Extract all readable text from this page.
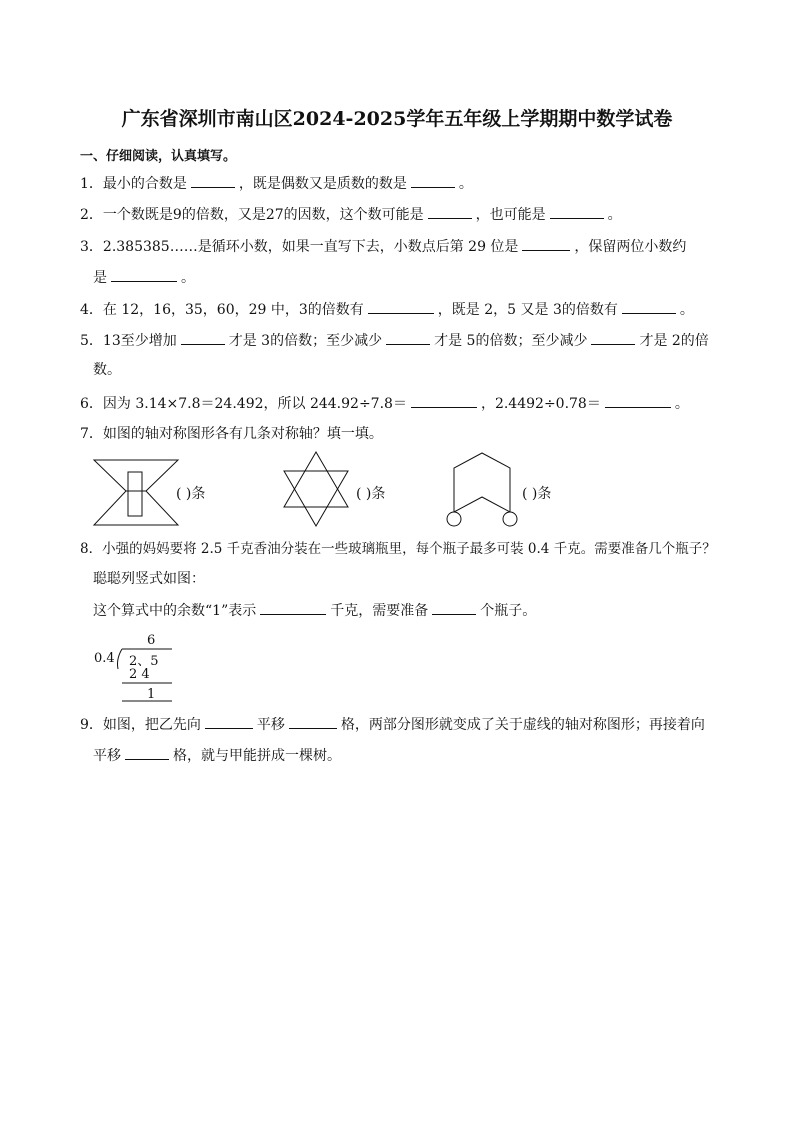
广东省深圳市南山区2024-2025学年五年级上学期期中数学试卷
一、仔细阅读，认真填写。
1．最小的合数是	，既是偶数又是质数的数是	。
2．一个数既是9的倍数，又是27的因数，这个数可能是	，也可能是	。
3．2.385385……是循环小数，如果一直写下去，小数点后第 29 位是	，保留两位小数约
是	。
4．在 12，16，35，60，29 中，3的倍数有	，既是 2，5 又是 3的倍数有	。
5．13至少增加	才是 3的倍数；至少减少	才是 5的倍数；至少减少	才是 2的倍
数。
6．因为 3.14×7.8＝24.492，所以 244.92÷7.8＝	，2.4492÷0.78＝	。
7．如图的轴对称图形各有几条对称轴？填一填。
( )条	( )条	( )条
8．小强的妈妈要将 2.5 千克香油分装在一些玻璃瓶里，每个瓶子最多可装 0.4 千克。需要准备几个瓶子？
聪聪列竖式如图：
这个算式中的余数“1”表示	千克，需要准备	个瓶子。
6
0.4 2、5
2 4
1
9．如图，把乙先向	平移	格，两部分图形就变成了关于虚线的轴对称图形；再接着向
平移	格，就与甲能拼成一棵树。
